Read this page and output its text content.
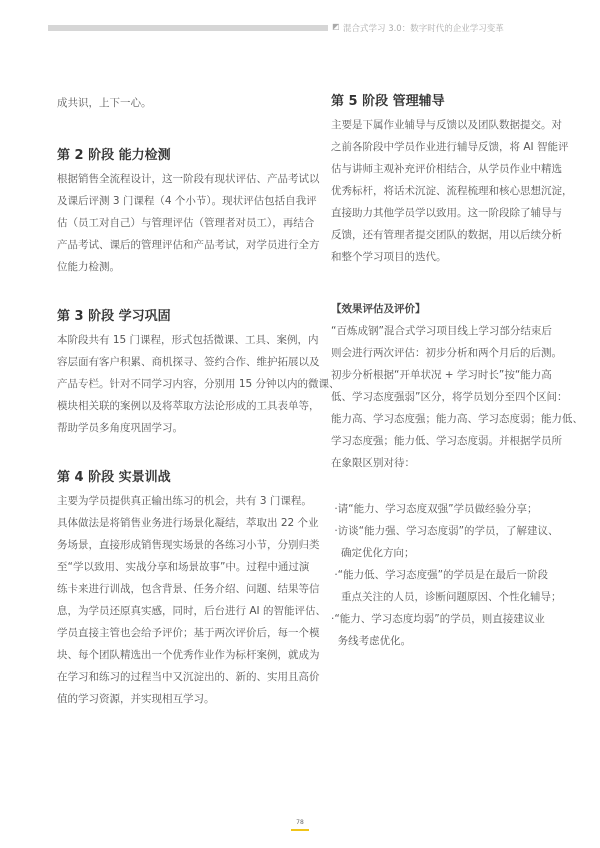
◩ 混合式学习 3.0：数字时代的企业学习变革
成共识，上下一心。
第 2 阶段 能力检测
根据销售全流程设计，这一阶段有现状评估、产品考试以
及课后评测 3 门课程（4 个小节）。现状评估包括自我评
估（员工对自己）与管理评估（管理者对员工），再结合
产品考试、课后的管理评估和产品考试，对学员进行全方
位能力检测。
第 3 阶段 学习巩固
本阶段共有 15 门课程，形式包括微课、工具、案例，内
容层面有客户积累、商机探寻、签约合作、维护拓展以及
产品专栏。针对不同学习内容，分别用 15 分钟以内的微课、
模块相关联的案例以及将萃取方法论形成的工具表单等，
帮助学员多角度巩固学习。
第 4 阶段 实景训战
主要为学员提供真正输出练习的机会，共有 3 门课程。
具体做法是将销售业务进行场景化凝结，萃取出 22 个业
务场景，直接形成销售现实场景的各练习小节，分别归类
至“学以致用、实战分享和场景故事”中。过程中通过演
练卡来进行训战，包含背景、任务介绍、问题、结果等信
息，为学员还原真实感，同时，后台进行 AI 的智能评估、
学员直接主管也会给予评价；基于两次评价后，每一个模
块、每个团队精选出一个优秀作业作为标杆案例，就成为
在学习和练习的过程当中又沉淀出的、新的、实用且高价
值的学习资源，并实现相互学习。
第 5 阶段 管理辅导
主要是下属作业辅导与反馈以及团队数据提交。对
之前各阶段中学员作业进行辅导反馈，将 AI 智能评
估与讲师主观补充评价相结合，从学员作业中精选
优秀标杆，将话术沉淀、流程梳理和核心思想沉淀，
直接助力其他学员学以致用。这一阶段除了辅导与
反馈，还有管理者提交团队的数据，用以后续分析
和整个学习项目的迭代。
【效果评估及评价】
“百炼成钢”混合式学习项目线上学习部分结束后
则会进行两次评估：初步分析和两个月后的后测。
初步分析根据“开单状况 + 学习时长”按“能力高
低、学习态度强弱”区分，将学员划分至四个区间：
能力高、学习态度强；能力高、学习态度弱；能力低、
学习态度强；能力低、学习态度弱。并根据学员所
在象限区别对待：
·请“能力、学习态度双强”学员做经验分享；
·访谈“能力强、学习态度弱”的学员，了解建议、
确定优化方向；
·“能力低、学习态度强”的学员是在最后一阶段
重点关注的人员，诊断问题原因、个性化辅导；
·“能力、学习态度均弱”的学员，则直接建议业
务线考虑优化。
78
